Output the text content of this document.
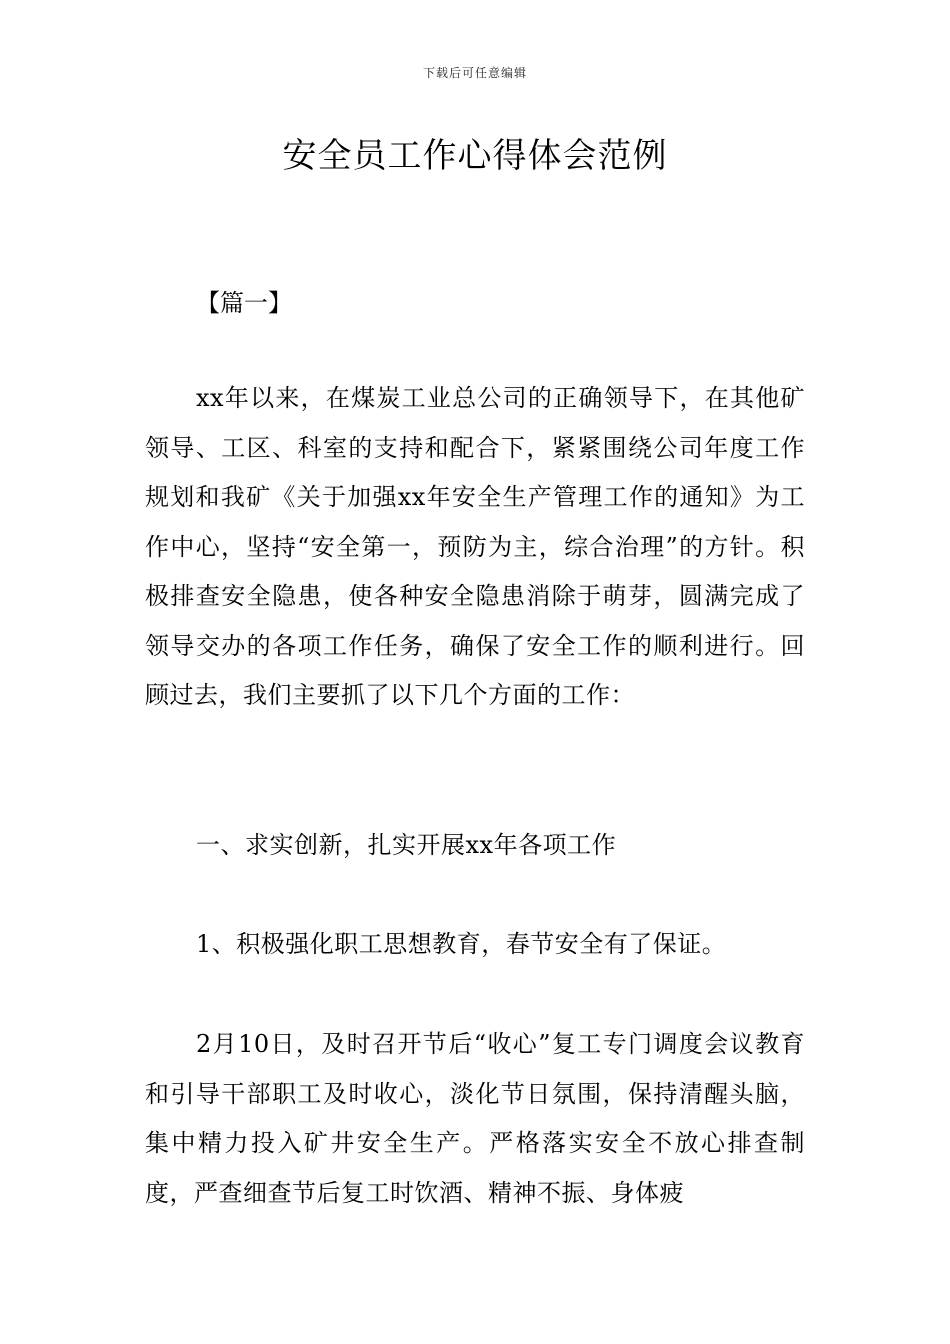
下载后可任意编辑
安全员工作心得体会范例

【篇一】

xx年以来，在煤炭工业总公司的正确领导下，在其他矿领导、工区、科室的支持和配合下，紧紧围绕公司年度工作规划和我矿《关于加强xx年安全生产管理工作的通知》为工作中心，坚持“安全第一，预防为主，综合治理”的方针。积极排查安全隐患，使各种安全隐患消除于萌芽，圆满完成了领导交办的各项工作任务，确保了安全工作的顺利进行。回顾过去，我们主要抓了以下几个方面的工作：

一、求实创新，扎实开展xx年各项工作

1、积极强化职工思想教育，春节安全有了保证。

2月10日，及时召开节后“收心”复工专门调度会议教育和引导干部职工及时收心，淡化节日氛围，保持清醒头脑，集中精力投入矿井安全生产。严格落实安全不放心排查制度，严查细查节后复工时饮酒、精神不振、身体疲
